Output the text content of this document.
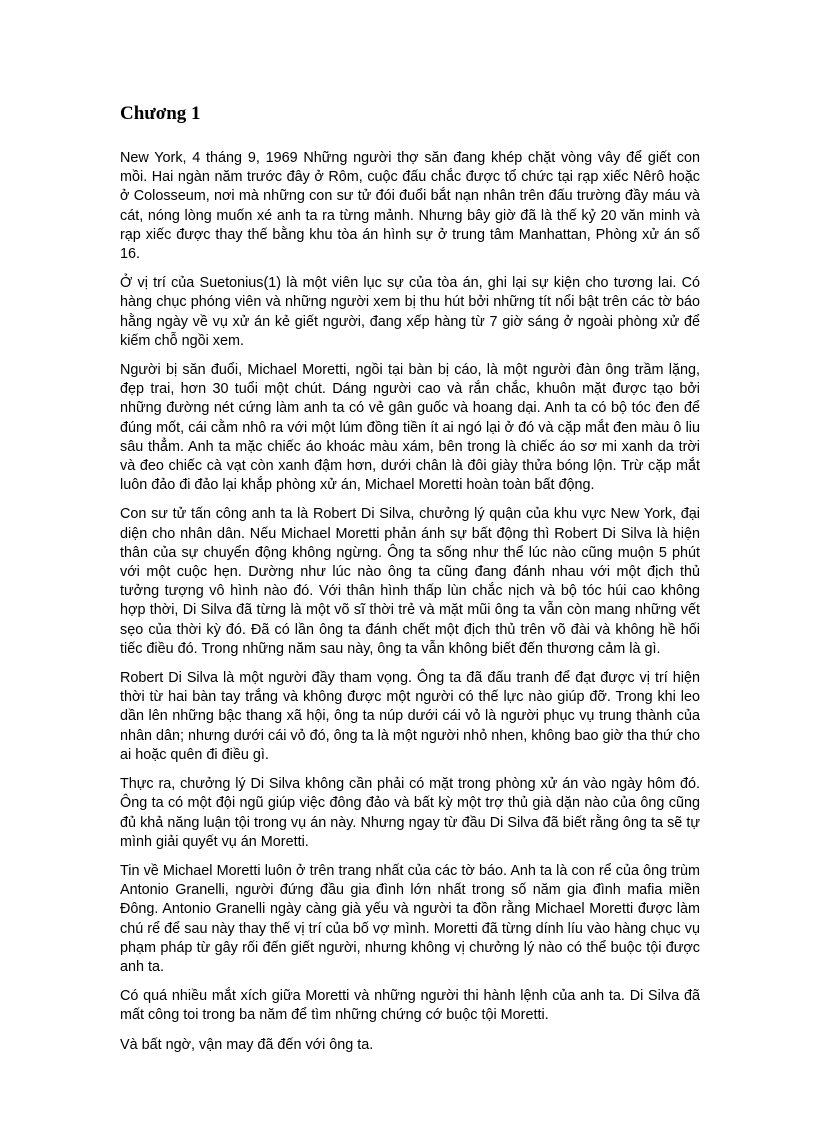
Chương 1

New York, 4 tháng 9, 1969 Những người thợ săn đang khép chặt vòng vây để giết con mồi. Hai ngàn năm trước đây ở Rôm, cuộc đấu chắc được tổ chức tại rạp xiếc Nêrô hoặc ở Colosseum, nơi mà những con sư tử đói đuổi bắt nạn nhân trên đấu trường đầy máu và cát, nóng lòng muốn xé anh ta ra từng mảnh. Nhưng bây giờ đã là thế kỷ 20 văn minh và rạp xiếc được thay thế bằng khu tòa án hình sự ở trung tâm Manhattan, Phòng xử án số 16.

Ở vị trí của Suetonius(1) là một viên lục sự của tòa án, ghi lại sự kiện cho tương lai. Có hàng chục phóng viên và những người xem bị thu hút bởi những tít nổi bật trên các tờ báo hằng ngày về vụ xử án kẻ giết người, đang xếp hàng từ 7 giờ sáng ở ngoài phòng xử để kiếm chỗ ngồi xem.

Người bị săn đuổi, Michael Moretti, ngồi tại bàn bị cáo, là một người đàn ông trầm lặng, đẹp trai, hơn 30 tuổi một chút. Dáng người cao và rắn chắc, khuôn mặt được tạo bởi những đường nét cứng làm anh ta có vẻ gân guốc và hoang dại. Anh ta có bộ tóc đen để đúng mốt, cái cằm nhô ra với một lúm đồng tiền ít ai ngó lại ở đó và cặp mắt đen màu ô liu sâu thẳm. Anh ta mặc chiếc áo khoác màu xám, bên trong là chiếc áo sơ mi xanh da trời và đeo chiếc cà vạt còn xanh đậm hơn, dưới chân là đôi giày thửa bóng lộn. Trừ cặp mắt luôn đảo đi đảo lại khắp phòng xử án, Michael Moretti hoàn toàn bất động.

Con sư tử tấn công anh ta là Robert Di Silva, chưởng lý quận của khu vực New York, đại diện cho nhân dân. Nếu Michael Moretti phản ánh sự bất động thì Robert Di Silva là hiện thân của sự chuyển động không ngừng. Ông ta sống như thể lúc nào cũng muộn 5 phút với một cuộc hẹn. Dường như lúc nào ông ta cũng đang đánh nhau với một địch thủ tưởng tượng vô hình nào đó. Với thân hình thấp lùn chắc nịch và bộ tóc húi cao không hợp thời, Di Silva đã từng là một võ sĩ thời trẻ và mặt mũi ông ta vẫn còn mang những vết sẹo của thời kỳ đó. Đã có lần ông ta đánh chết một địch thủ trên võ đài và không hề hối tiếc điều đó. Trong những năm sau này, ông ta vẫn không biết đến thương cảm là gì.

Robert Di Silva là một người đầy tham vọng. Ông ta đã đấu tranh để đạt được vị trí hiện thời từ hai bàn tay trắng và không được một người có thế lực nào giúp đỡ. Trong khi leo dần lên những bậc thang xã hội, ông ta núp dưới cái vỏ là người phục vụ trung thành của nhân dân; nhưng dưới cái vỏ đó, ông ta là một người nhỏ nhen, không bao giờ tha thứ cho ai hoặc quên đi điều gì.

Thực ra, chưởng lý Di Silva không cần phải có mặt trong phòng xử án vào ngày hôm đó. Ông ta có một đội ngũ giúp việc đông đảo và bất kỳ một trợ thủ già dặn nào của ông cũng đủ khả năng luận tội trong vụ án này. Nhưng ngay từ đầu Di Silva đã biết rằng ông ta sẽ tự mình giải quyết vụ án Moretti.

Tin về Michael Moretti luôn ở trên trang nhất của các tờ báo. Anh ta là con rể của ông trùm Antonio Granelli, người đứng đầu gia đình lớn nhất trong số năm gia đình mafia miền Đông. Antonio Granelli ngày càng già yếu và người ta đồn rằng Michael Moretti được làm chú rể để sau này thay thế vị trí của bố vợ mình. Moretti đã từng dính líu vào hàng chục vụ phạm pháp từ gây rối đến giết người, nhưng không vị chưởng lý nào có thể buộc tội được anh ta.

Có quá nhiều mắt xích giữa Moretti và những người thi hành lệnh của anh ta. Di Silva đã mất công toi trong ba năm để tìm những chứng cớ buộc tội Moretti.

Và bất ngờ, vận may đã đến với ông ta.
